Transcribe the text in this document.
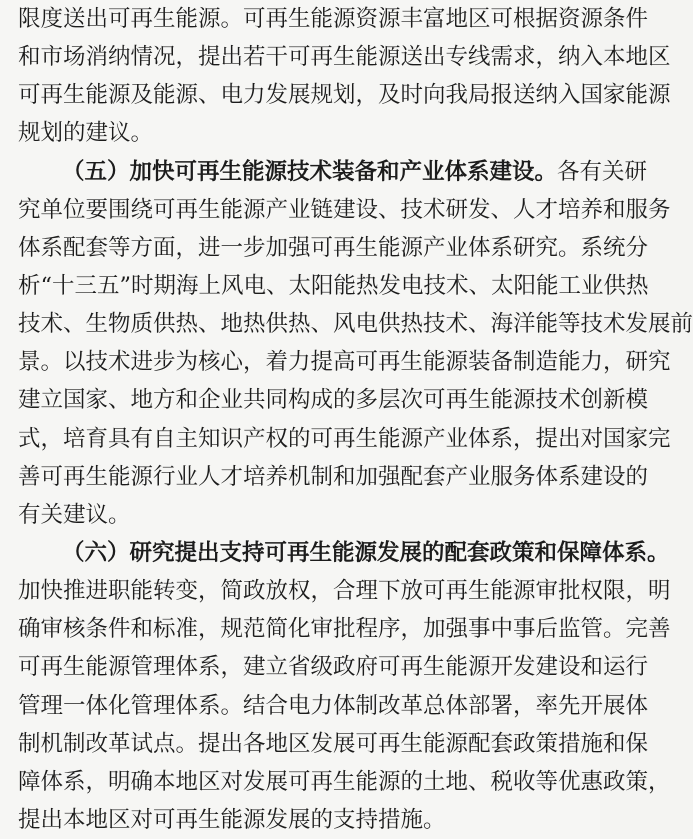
限度送出可再生能源。可再生能源资源丰富地区可根据资源条件
和市场消纳情况，提出若干可再生能源送出专线需求，纳入本地区
可再生能源及能源、电力发展规划，及时向我局报送纳入国家能源
规划的建议。
（五）加快可再生能源技术装备和产业体系建设。各有关研
究单位要围绕可再生能源产业链建设、技术研发、人才培养和服务
体系配套等方面，进一步加强可再生能源产业体系研究。系统分
析“十三五”时期海上风电、太阳能热发电技术、太阳能工业供热
技术、生物质供热、地热供热、风电供热技术、海洋能等技术发展前
景。以技术进步为核心，着力提高可再生能源装备制造能力，研究
建立国家、地方和企业共同构成的多层次可再生能源技术创新模
式，培育具有自主知识产权的可再生能源产业体系，提出对国家完
善可再生能源行业人才培养机制和加强配套产业服务体系建设的
有关建议。
（六）研究提出支持可再生能源发展的配套政策和保障体系。
加快推进职能转变，简政放权，合理下放可再生能源审批权限，明
确审核条件和标准，规范简化审批程序，加强事中事后监管。完善
可再生能源管理体系，建立省级政府可再生能源开发建设和运行
管理一体化管理体系。结合电力体制改革总体部署，率先开展体
制机制改革试点。提出各地区发展可再生能源配套政策措施和保
障体系，明确本地区对发展可再生能源的土地、税收等优惠政策，
提出本地区对可再生能源发展的支持措施。
